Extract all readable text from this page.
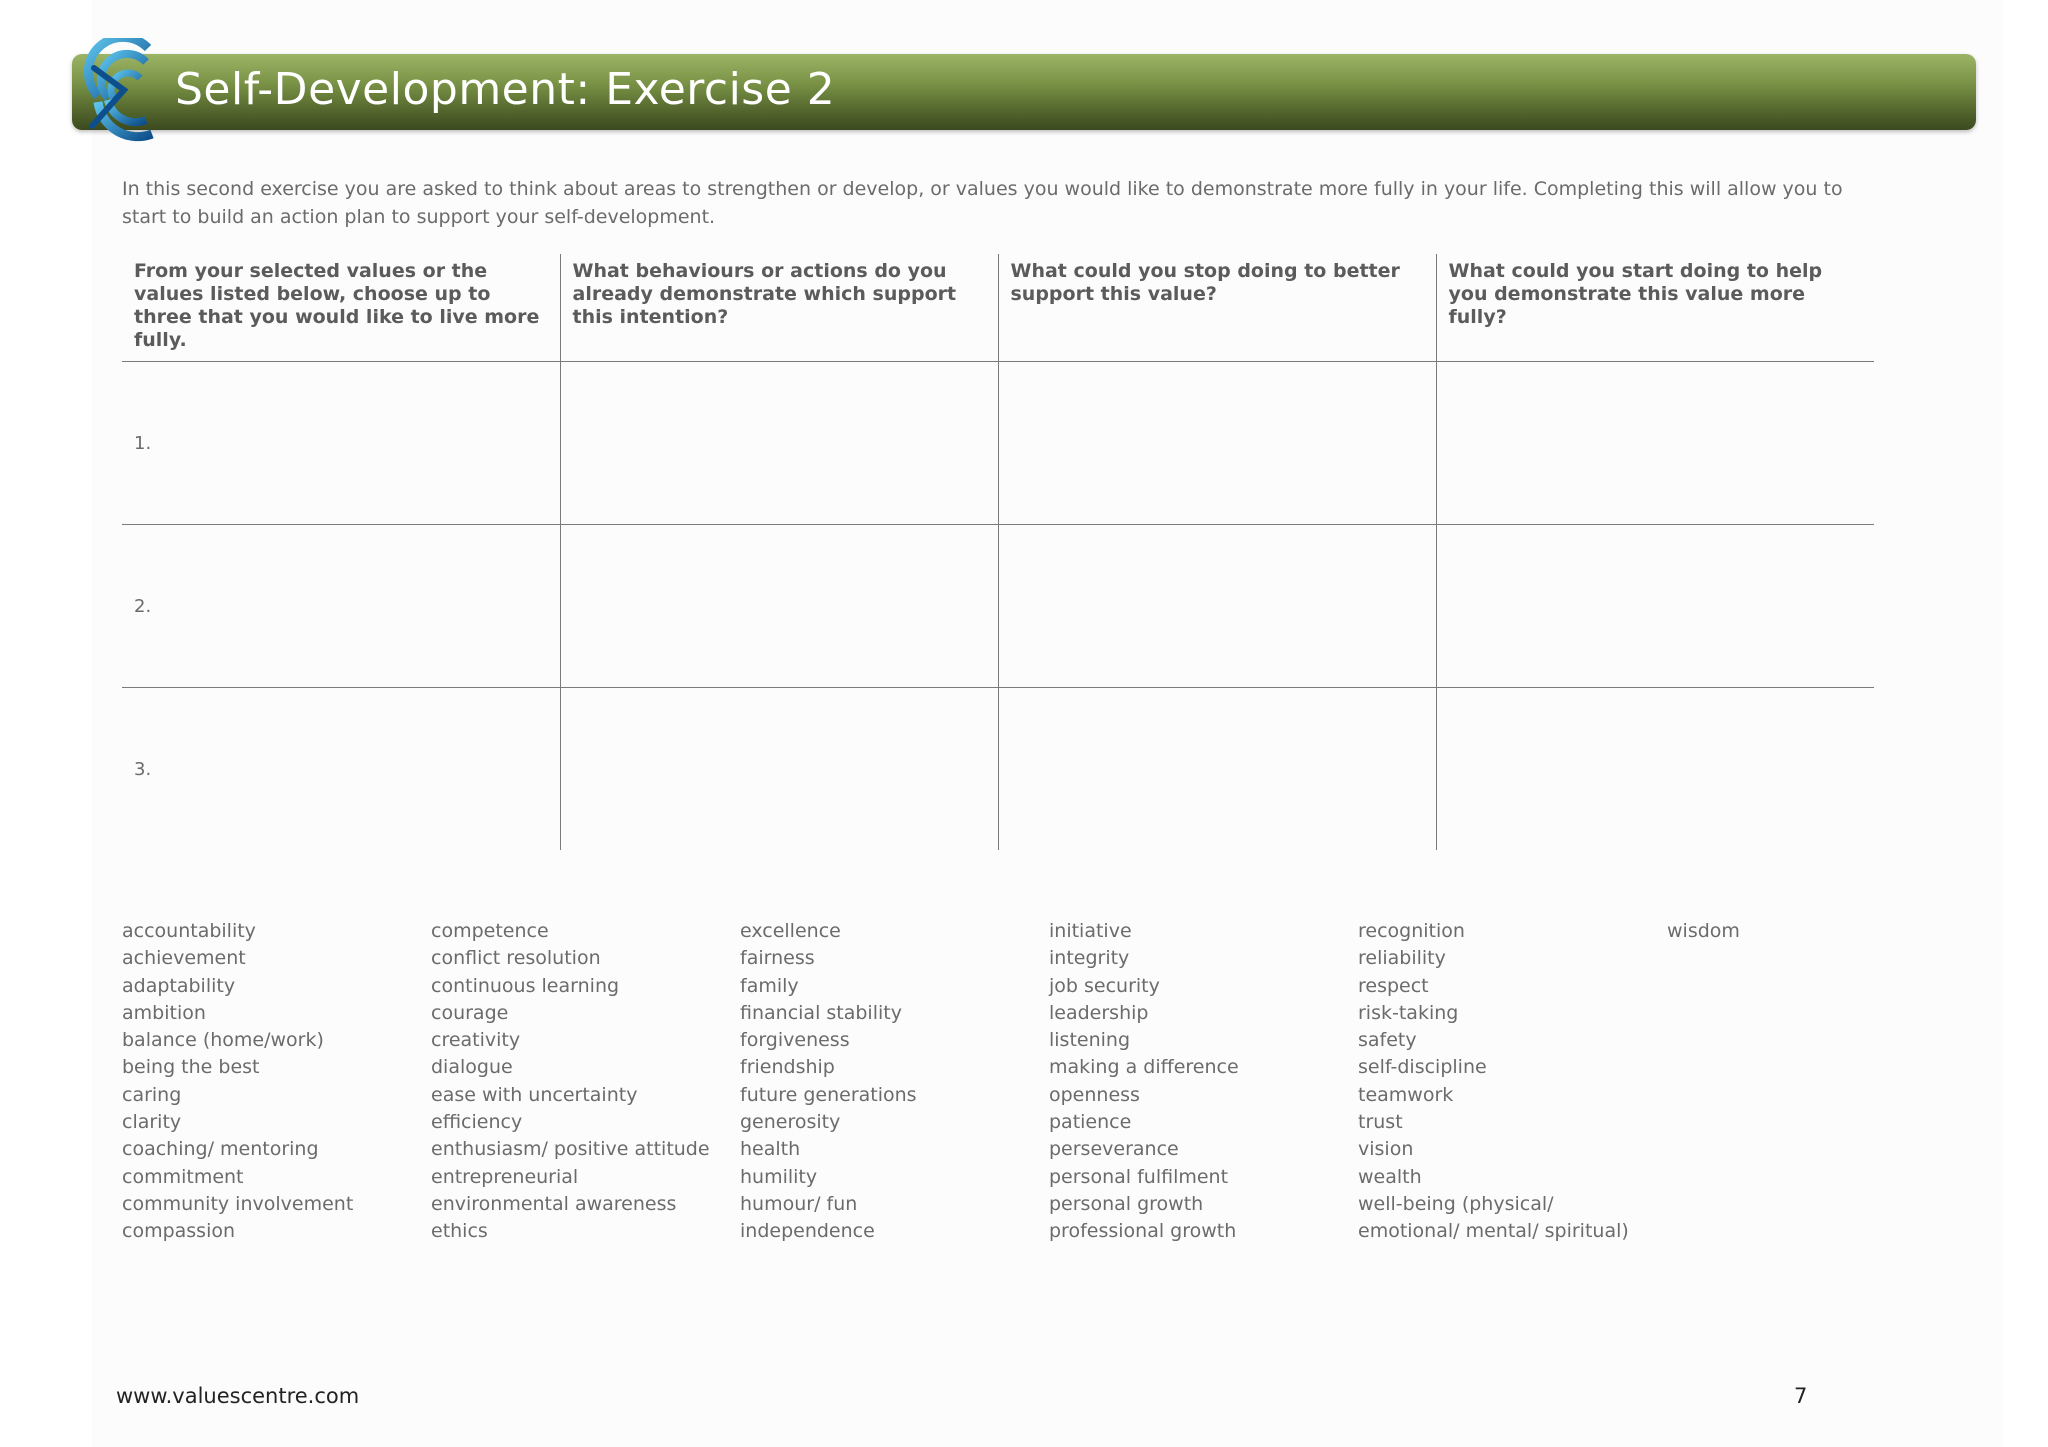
Self-Development: Exercise 2
In this second exercise you are asked to think about areas to strengthen or develop, or values you would like to demonstrate more fully in your life. Completing this will allow you to start to build an action plan to support your self-development.
From your selected values or the values listed below, choose up to three that you would like to live more fully.	What behaviours or actions do you already demonstrate which support this intention?	What could you stop doing to better support this value?	What could you start doing to help you demonstrate this value more fully?
1.			
2.			
3.			
accountability
achievement
adaptability
ambition
balance (home/work)
being the best
caring
clarity
coaching/ mentoring
commitment
community involvement
compassion
competence
conflict resolution
continuous learning
courage
creativity
dialogue
ease with uncertainty
efficiency
enthusiasm/ positive attitude
entrepreneurial
environmental awareness
ethics
excellence
fairness
family
financial stability
forgiveness
friendship
future generations
generosity
health
humility
humour/ fun
independence
initiative
integrity
job security
leadership
listening
making a difference
openness
patience
perseverance
personal fulfilment
personal growth
professional growth
recognition
reliability
respect
risk-taking
safety
self-discipline
teamwork
trust
vision
wealth
well-being (physical/
emotional/ mental/ spiritual)
wisdom
www.valuescentre.com	7
